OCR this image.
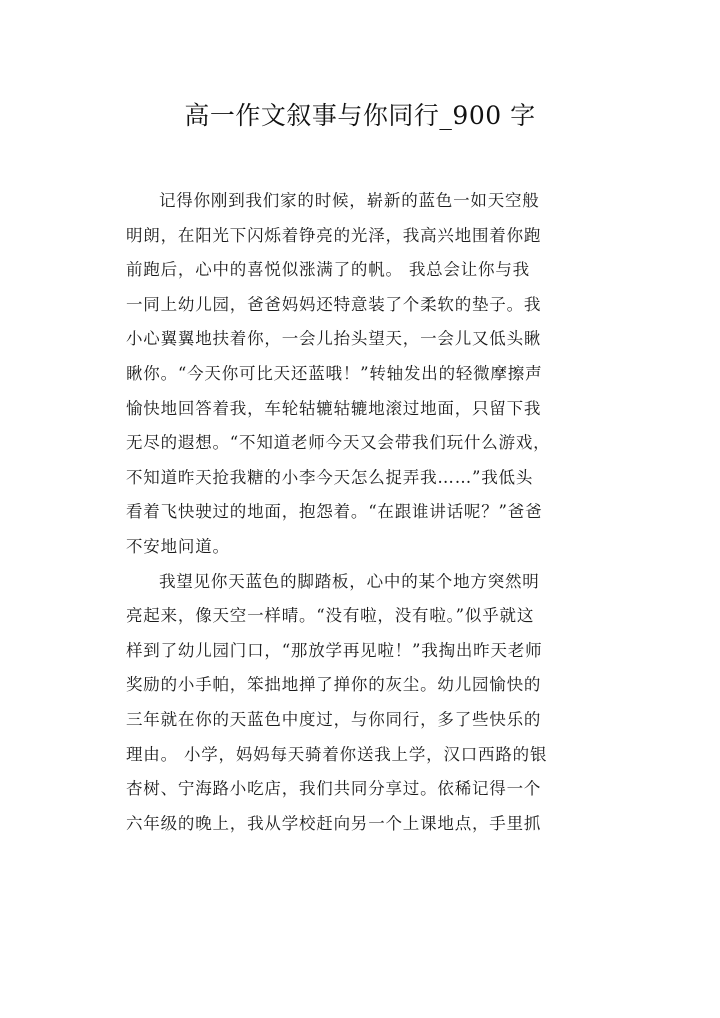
高一作文叙事与你同行_900 字
记得你刚到我们家的时候，崭新的蓝色一如天空般
明朗，在阳光下闪烁着铮亮的光泽，我高兴地围着你跑
前跑后，心中的喜悦似涨满了的帆。 我总会让你与我
一同上幼儿园，爸爸妈妈还特意装了个柔软的垫子。我
小心翼翼地扶着你，一会儿抬头望天，一会儿又低头瞅
瞅你。“今天你可比天还蓝哦！”转轴发出的轻微摩擦声
愉快地回答着我，车轮轱辘轱辘地滚过地面，只留下我
无尽的遐想。“不知道老师今天又会带我们玩什么游戏，
不知道昨天抢我糖的小李今天怎么捉弄我……”我低头
看着飞快驶过的地面，抱怨着。“在跟谁讲话呢？”爸爸
不安地问道。
我望见你天蓝色的脚踏板，心中的某个地方突然明
亮起来，像天空一样晴。“没有啦，没有啦。”似乎就这
样到了幼儿园门口，“那放学再见啦！”我掏出昨天老师
奖励的小手帕，笨拙地掸了掸你的灰尘。幼儿园愉快的
三年就在你的天蓝色中度过，与你同行，多了些快乐的
理由。 小学，妈妈每天骑着你送我上学，汉口西路的银
杏树、宁海路小吃店，我们共同分享过。依稀记得一个
六年级的晚上，我从学校赶向另一个上课地点，手里抓
